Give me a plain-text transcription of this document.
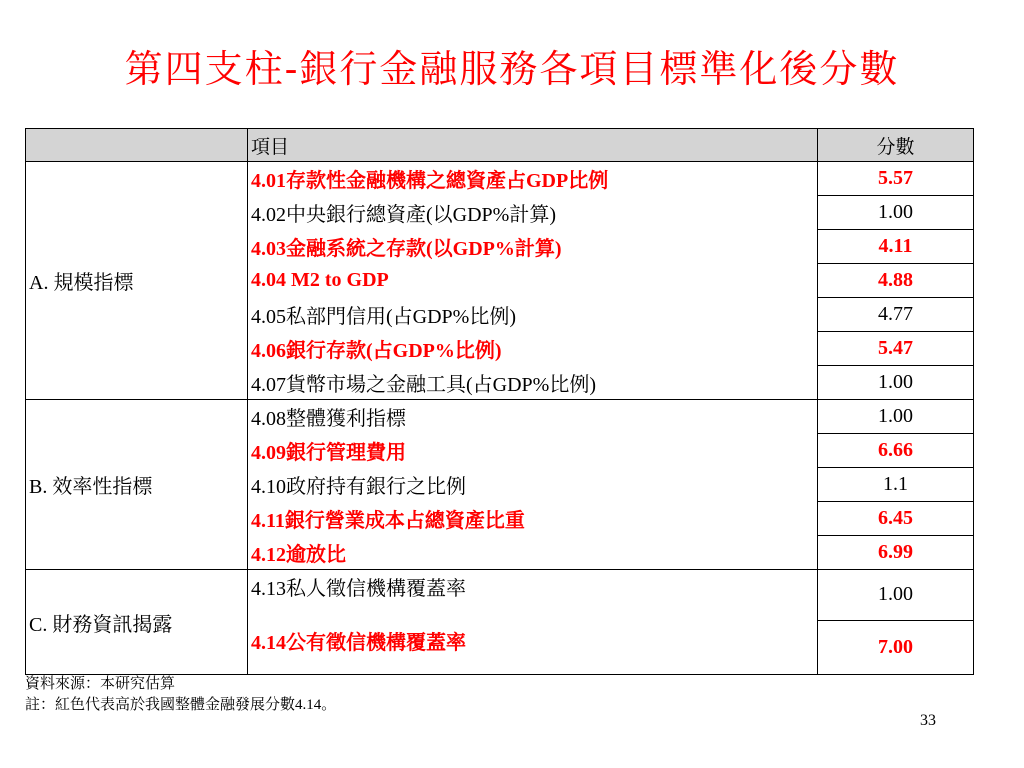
第四支柱-銀行金融服務各項目標準化後分數
	項目	分數
A. 規模指標	4.01存款性金融機構之總資產占GDP比例	5.57
	4.02中央銀行總資產(以GDP%計算)	1.00
	4.03金融系統之存款(以GDP%計算)	4.11
	4.04 M2 to GDP	4.88
	4.05私部門信用(占GDP%比例)	4.77
	4.06銀行存款(占GDP%比例)	5.47
	4.07貨幣市場之金融工具(占GDP%比例)	1.00
B. 效率性指標	4.08整體獲利指標	1.00
	4.09銀行管理費用	6.66
	4.10政府持有銀行之比例	1.1
	4.11銀行營業成本占總資產比重	6.45
	4.12逾放比	6.99
C. 財務資訊揭露	4.13私人徵信機構覆蓋率	1.00
	4.14公有徵信機構覆蓋率	7.00
資料來源：本研究估算
註：紅色代表高於我國整體金融發展分數4.14。
33
